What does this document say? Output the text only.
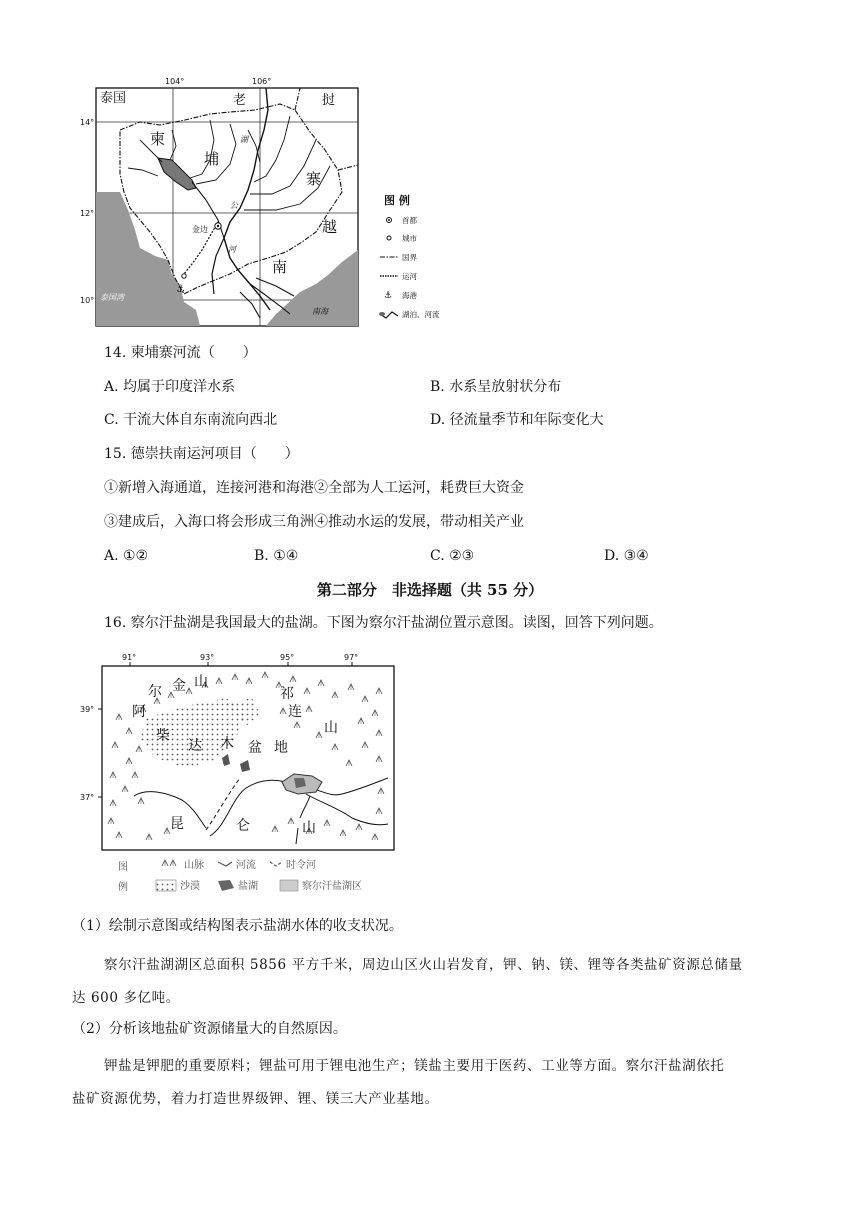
⚓
104°	106°
14°
12°
10°
泰国	老	挝
柬
埔
寨
越
南
湖
公
河
金边
泰国湾
南海
图 例
首都
城市
国界
运河
⚓ 海港
湖泊、河流
14. 柬埔寨河流（　　）
A. 均属于印度洋水系	B. 水系呈放射状分布
C. 干流大体自东南流向西北	D. 径流量季节和年际变化大
15. 德崇扶南运河项目（　　）
①新增入海通道，连接河港和海港②全部为人工运河，耗费巨大资金
③建成后，入海口将会形成三角洲④推动水运的发展，带动相关产业
A. ①②	B. ①④	C. ②③	D. ③④
第二部分　非选择题（共 55 分）
16. 察尔汗盐湖是我国最大的盐湖。下图为察尔汗盐湖位置示意图。读图，回答下列问题。
91°	93°	95°	97°
39°
37°
阿
尔 金 山
祁
连
山
柴
达 木 盆 地
昆	仑	山
图
例
山脉	河流	时令河
沙漠	盐湖	察尔汗盐湖区
（1）绘制示意图或结构图表示盐湖水体的收支状况。
察尔汗盐湖湖区总面积 5856 平方千米，周边山区火山岩发育，钾、钠、镁、锂等各类盐矿资源总储量
达 600 多亿吨。
（2）分析该地盐矿资源储量大的自然原因。
钾盐是钾肥的重要原料；锂盐可用于锂电池生产；镁盐主要用于医药、工业等方面。察尔汗盐湖依托
盐矿资源优势，着力打造世界级钾、锂、镁三大产业基地。
